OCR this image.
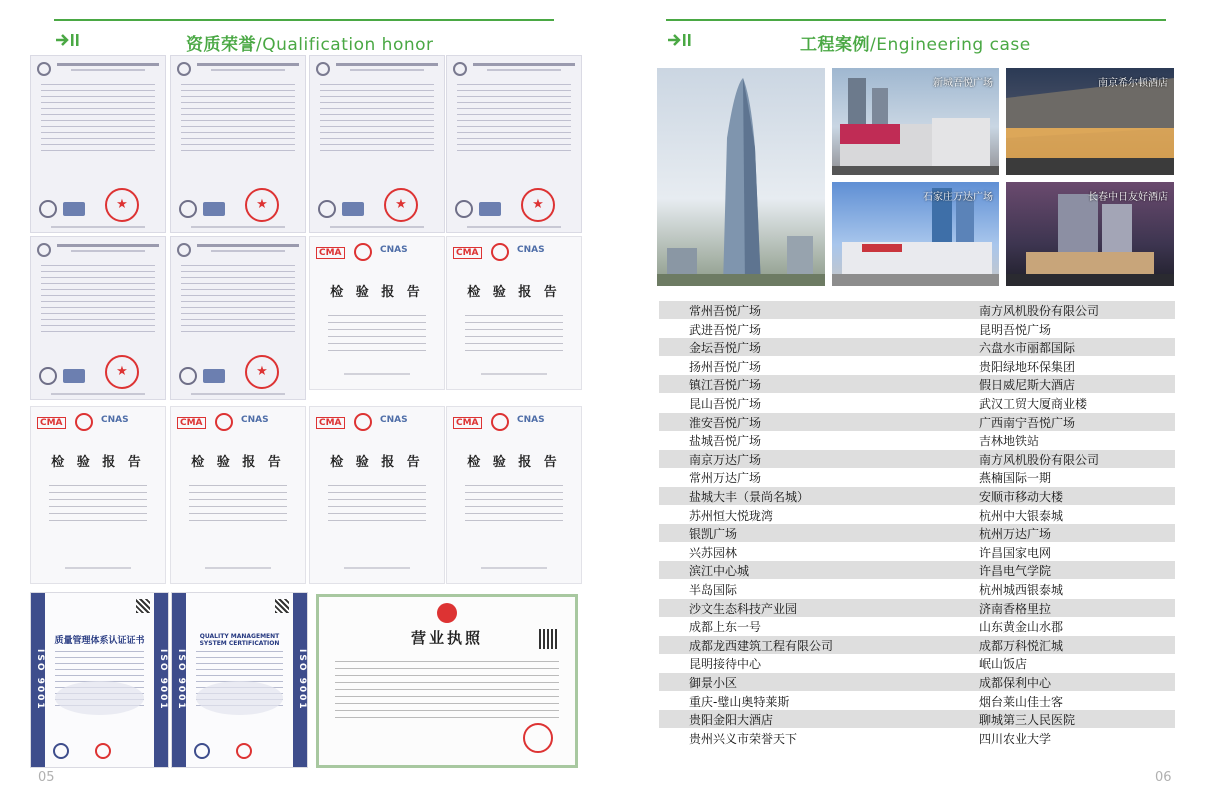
资质荣誉/Qualification honor	工程案例/Engineering case
★
★
★
★
★
★
CMA	CNAS
检 验 报 告
CMA	CNAS
检 验 报 告
CMA	CNAS
检 验 报 告
CMA	CNAS
检 验 报 告
CMA	CNAS
检 验 报 告
CMA	CNAS
检 验 报 告
ISO 9001	ISO 9001
质量管理体系认证证书
ISO 9001	ISO 9001
QUALITY MANAGEMENT SYSTEM CERTIFICATION	营业执照
05	06
新城吾悦广场	南京希尔顿酒店
石家庄万达广场	长春中日友好酒店
常州吾悦广场	南方风机股份有限公司
武进吾悦广场	昆明吾悦广场
金坛吾悦广场	六盘水市丽都国际
扬州吾悦广场	贵阳绿地环保集团
镇江吾悦广场	假日威尼斯大酒店
昆山吾悦广场	武汉工贸大厦商业楼
淮安吾悦广场	广西南宁吾悦广场
盐城吾悦广场	吉林地铁站
南京万达广场	南方风机股份有限公司
常州万达广场	燕楠国际一期
盐城大丰（景尚名城）	安顺市移动大楼
苏州恒大悦珑湾	杭州中大银泰城
银凯广场	杭州万达广场
兴苏园林	许昌国家电网
滨江中心城	许昌电气学院
半岛国际	杭州城西银泰城
沙文生态科技产业园	济南香格里拉
成都上东一号	山东黄金山水郡
成都龙西建筑工程有限公司	成都万科悦汇城
昆明接待中心	岷山饭店
御景小区	成都保利中心
重庆-璧山奥特莱斯	烟台莱山佳士客
贵阳金阳大酒店	聊城第三人民医院
贵州兴义市荣誉天下	四川农业大学
